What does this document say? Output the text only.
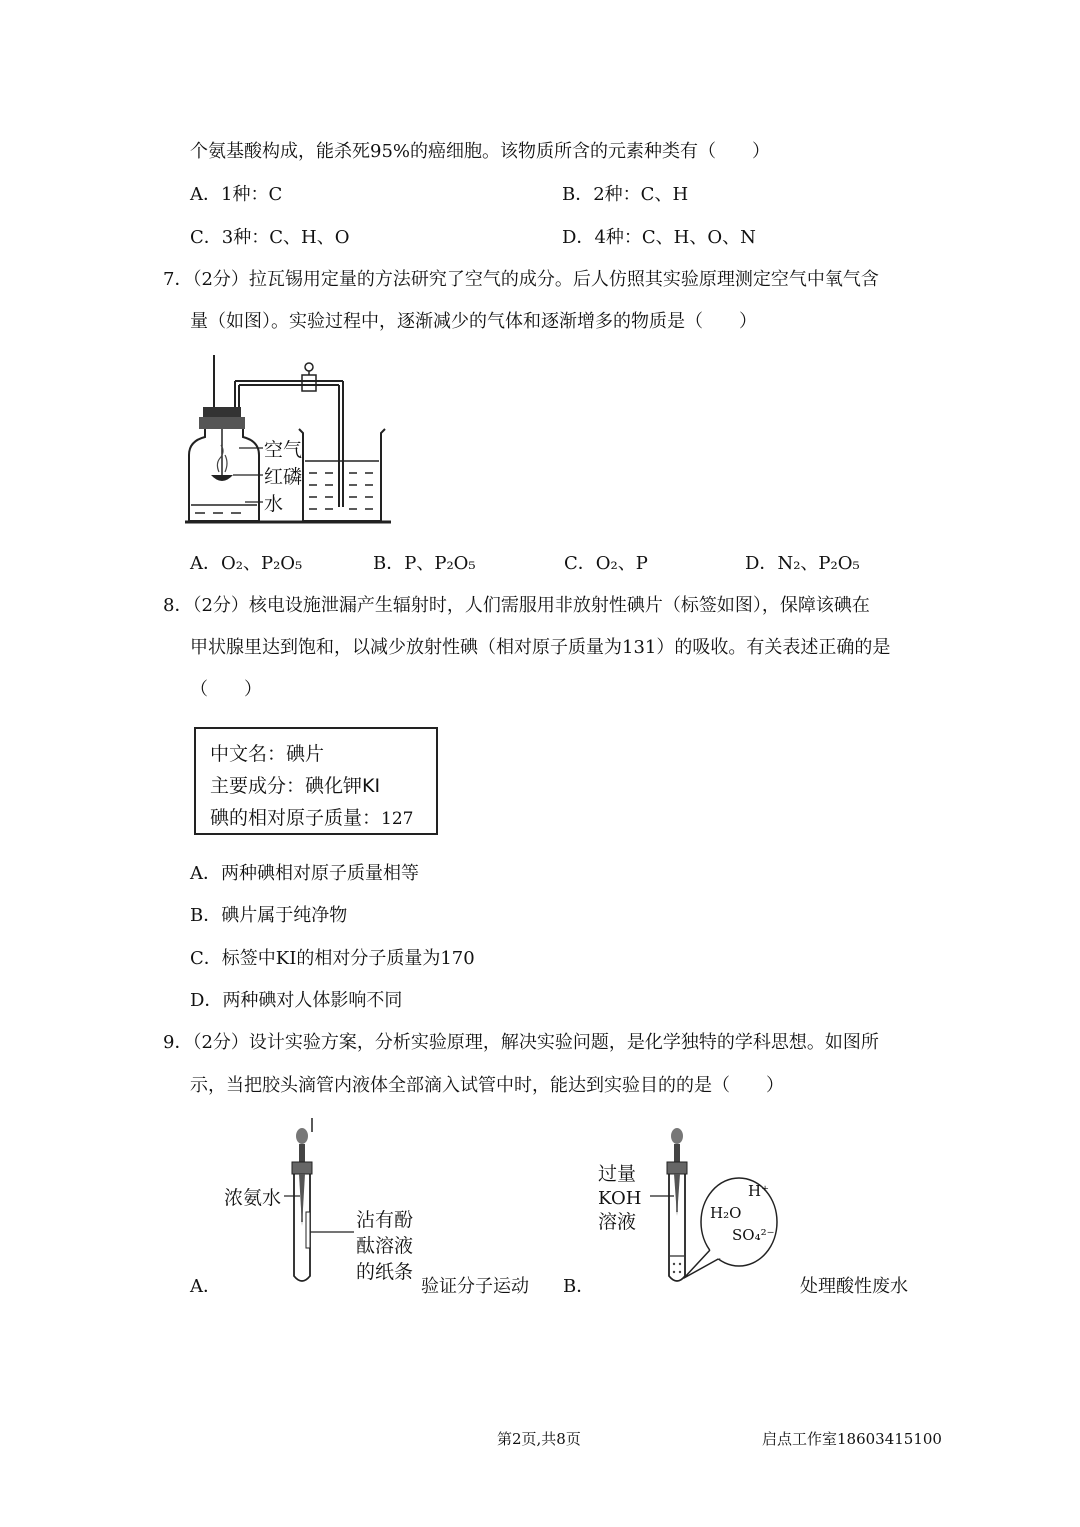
个氨基酸构成，能杀死95%的癌细胞。该物质所含的元素种类有（　　）
A．1种：C	B．2种：C、H
C．3种：C、H、O	D．4种：C、H、O、N
7．（2分）拉瓦锡用定量的方法研究了空气的成分。后人仿照其实验原理测定空气中氧气含
量（如图）。实验过程中，逐渐减少的气体和逐渐增多的物质是（　　）
空气
红磷
水
A．O₂、P₂O₅	B．P、P₂O₅	C．O₂、P	D．N₂、P₂O₅
8．（2分）核电设施泄漏产生辐射时，人们需服用非放射性碘片（标签如图），保障该碘在
甲状腺里达到饱和，以减少放射性碘（相对原子质量为131）的吸收。有关表述正确的是
（　　）
中文名：碘片
主要成分：碘化钾KI
碘的相对原子质量：127
A．两种碘相对原子质量相等
B．碘片属于纯净物
C．标签中KI的相对分子质量为170
D．两种碘对人体影响不同
9．（2分）设计实验方案，分析实验原理，解决实验问题，是化学独特的学科思想。如图所
示，当把胶头滴管内液体全部滴入试管中时，能达到实验目的的是（　　）
A．
浓氨水
沾有酚
酞溶液
的纸条
验证分子运动 B．
过量
KOH
溶液
H⁺
H₂O
SO₄²⁻
处理酸性废水
第2页,共8页	启点工作室18603415100
